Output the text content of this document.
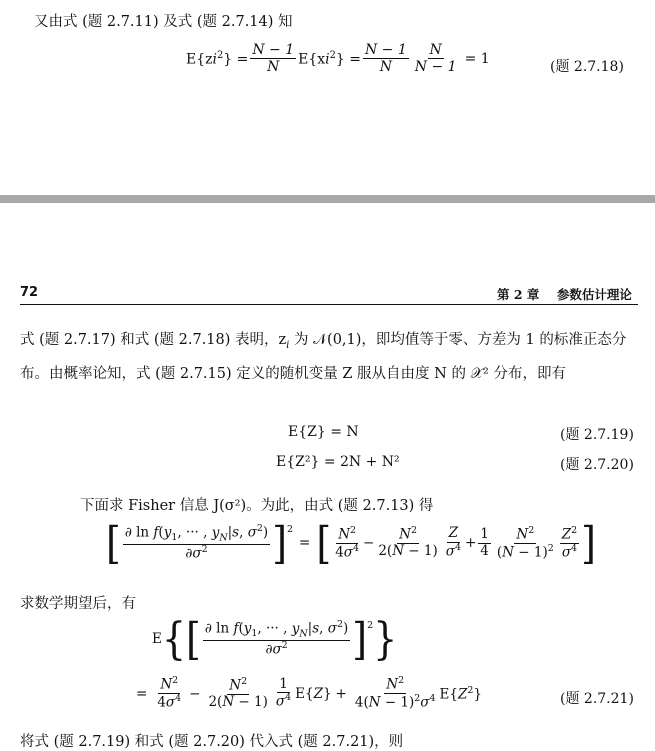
又由式 (题 2.7.11) 及式 (题 2.7.14) 知
$E\{zi^2\} = \frac{N - 1}{N} E\{xi^2\} = \frac{N - 1}{N} \frac{N}{N - 1} = 1$
(题 2.7.18)
72	第 2 章 参数估计理论
式 (题 2.7.17) 和式 (题 2.7.18) 表明，$z_i$ 为 𝒩(0,1)，即均值等于零、方差为 1 的标准正态分布。由概率论知，式 (题 2.7.15) 定义的随机变量 Z 服从自由度 N 的 𝒳² 分布，即有
E{Z} = N	(题 2.7.19)
E{Z²} = 2N + N²	(题 2.7.20)
下面求 Fisher 信息 J(σ²)。为此，由式 (题 2.7.13) 得
[ $\frac{\partial \ln f(y_1, \cdot\cdot\cdot , y_N|s, \sigma^2)}{\partial\sigma^2}$ ] 2
= [ $\frac{N^2}{4\sigma^4} - \frac{N^2}{2(N - 1)} \frac{Z}{\sigma^4} + \frac{1}{4} \frac{N^2}{(N - 1)^2} \frac{Z^2}{\sigma^4}$ ]
求数学期望后，有
E { [ $\frac{\partial \ln f(y_1, \cdot\cdot\cdot , y_N|s, \sigma^2)}{\partial\sigma^2}$ ] 2 }
= $\frac{N^2}{4\sigma^4} - \frac{N^2}{2(N - 1)} \frac{1}{\sigma^4} E\{Z\} + \frac{N^2}{4(N - 1)^2\sigma^4} E\{Z^2\}$	(题 2.7.21)
将式 (题 2.7.19) 和式 (题 2.7.20) 代入式 (题 2.7.21)，则
